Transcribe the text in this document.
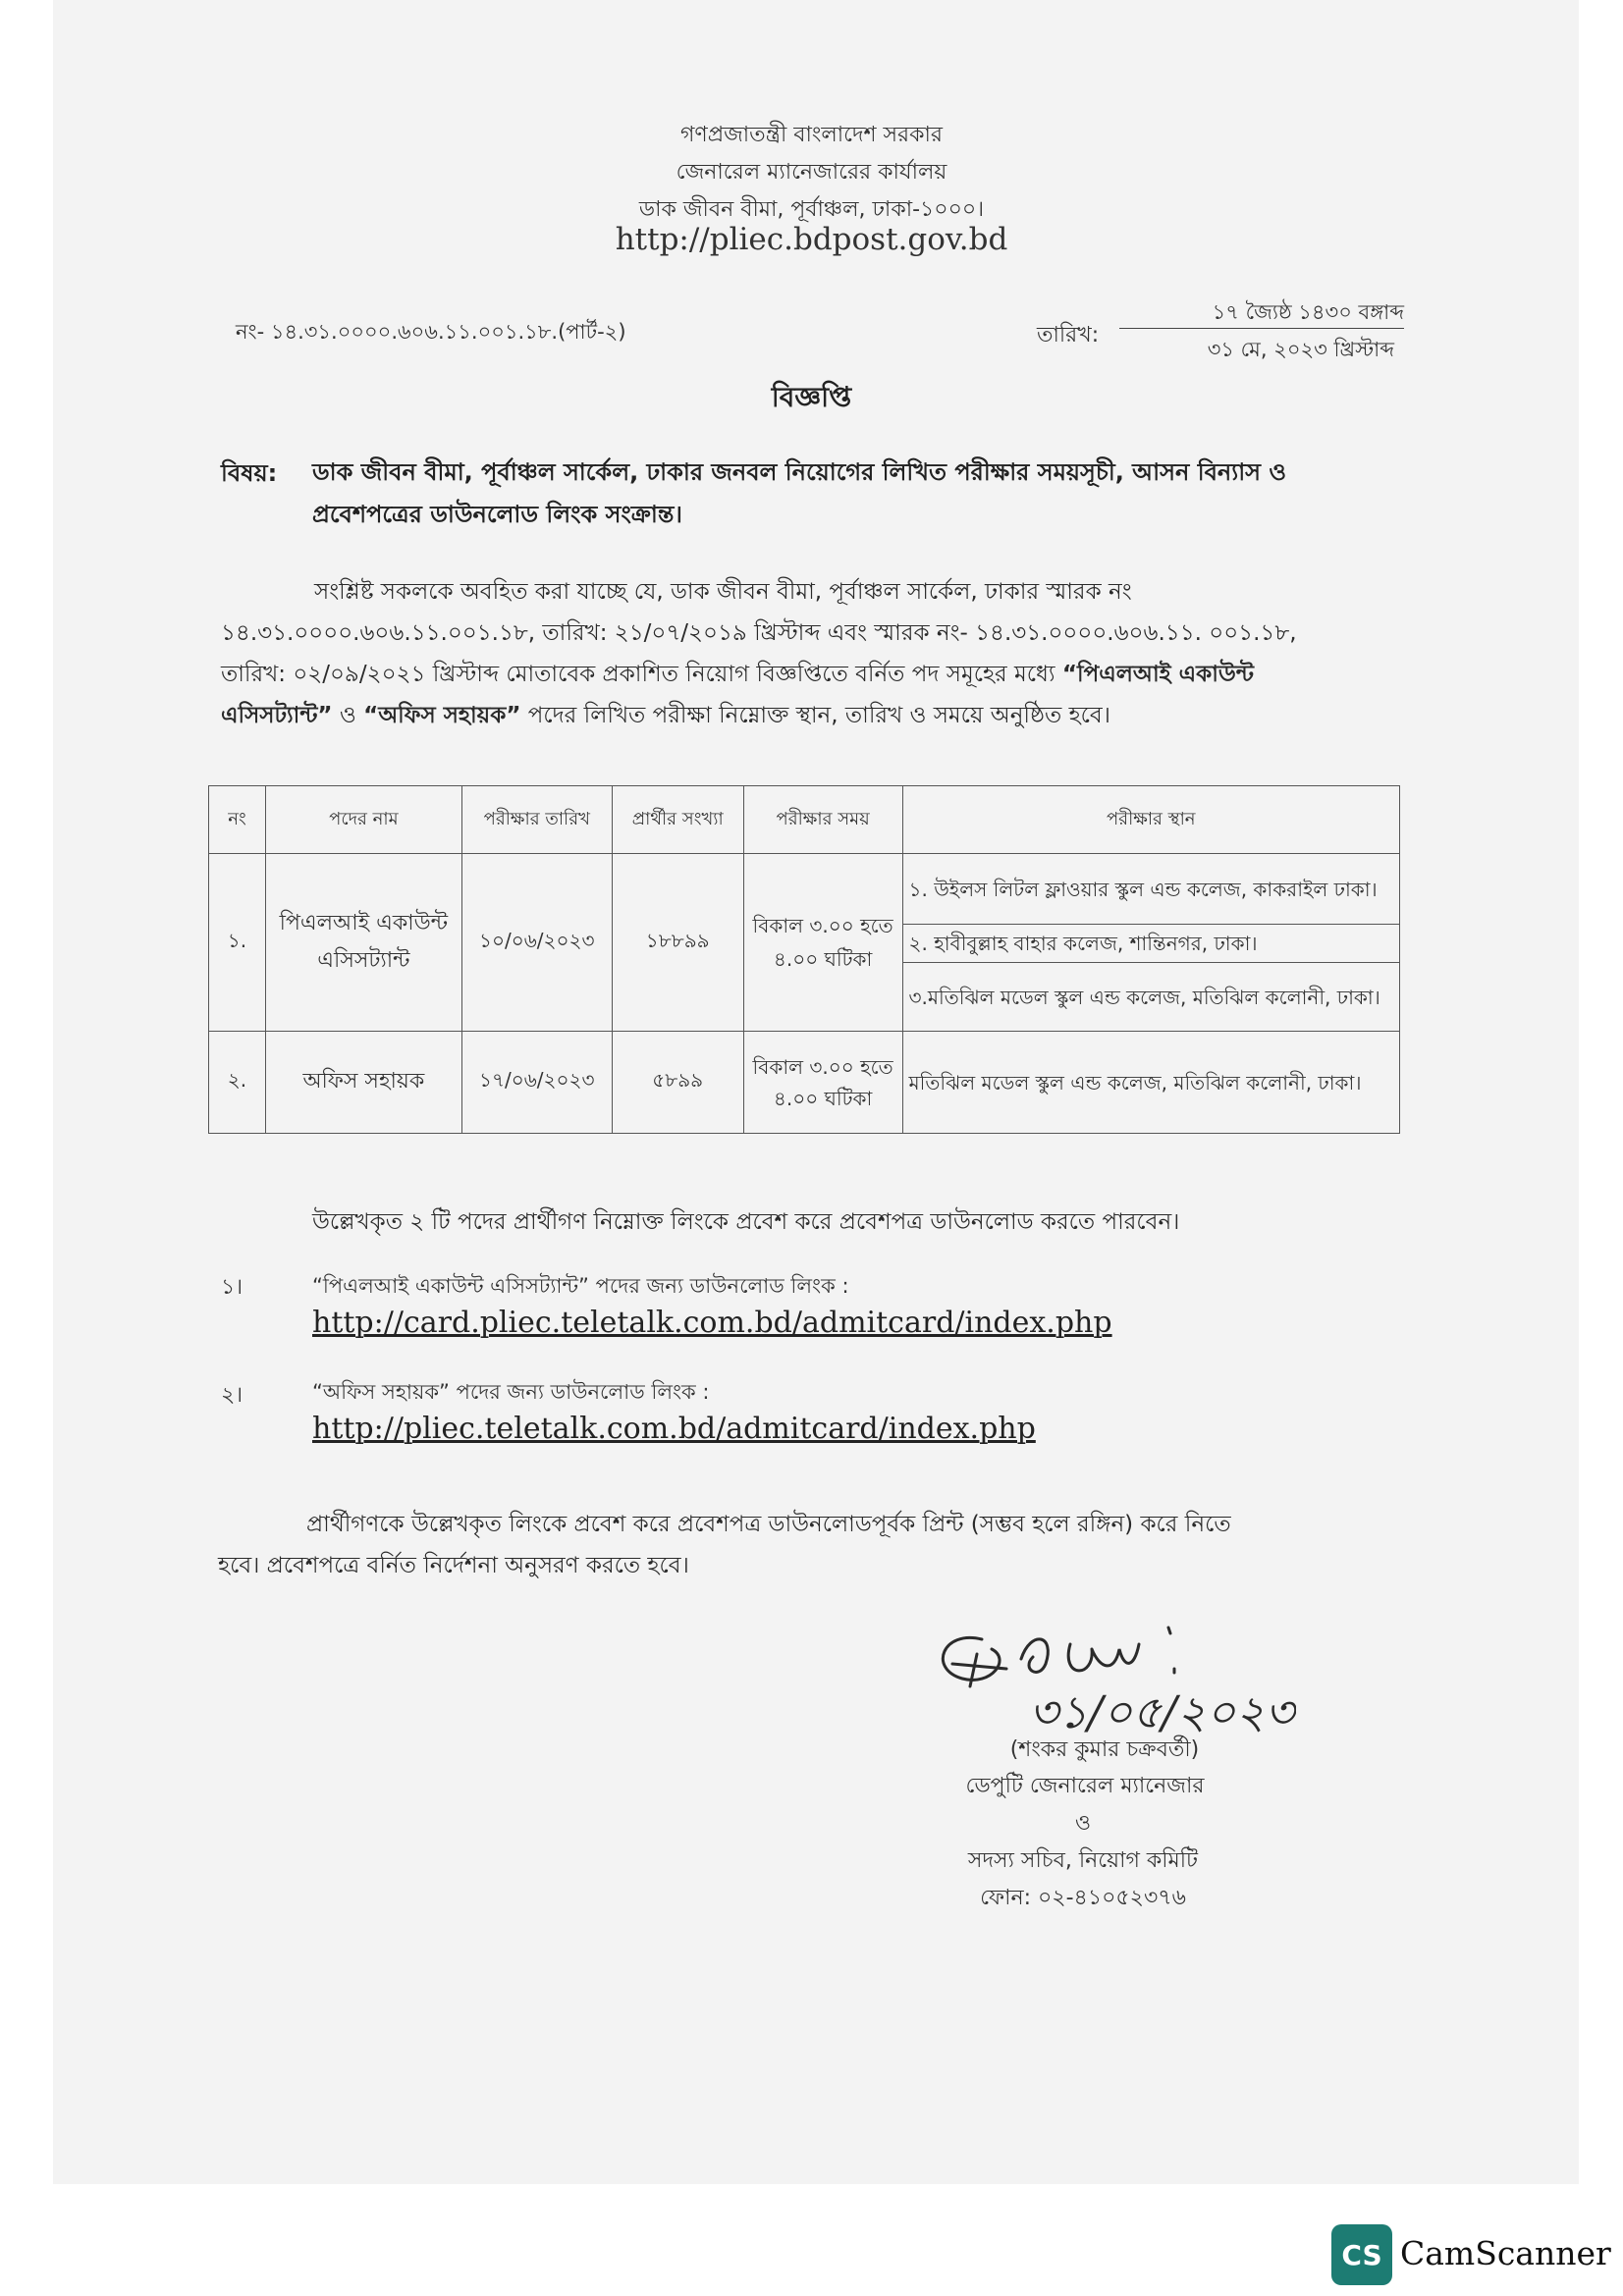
গণপ্রজাতন্ত্রী বাংলাদেশ সরকার
জেনারেল ম্যানেজারের কার্যালয়
ডাক জীবন বীমা, পূর্বাঞ্চল, ঢাকা-১০০০।
http://pliec.bdpost.gov.bd
নং- ১৪.৩১.০০০০.৬০৬.১১.০০১.১৮.(পার্ট-২)	তারিখ:
১৭ জ্যৈষ্ঠ ১৪৩০ বঙ্গাব্দ
৩১ মে, ২০২৩ খ্রিস্টাব্দ
বিজ্ঞপ্তি
বিষয়: ডাক জীবন বীমা, পূর্বাঞ্চল সার্কেল, ঢাকার জনবল নিয়োগের লিখিত পরীক্ষার সময়সূচী, আসন বিন্যাস ও
প্রবেশপত্রের ডাউনলোড লিংক সংক্রান্ত।
সংশ্লিষ্ট সকলকে অবহিত করা যাচ্ছে যে, ডাক জীবন বীমা, পূর্বাঞ্চল সার্কেল, ঢাকার স্মারক নং
১৪.৩১.০০০০.৬০৬.১১.০০১.১৮, তারিখ: ২১/০৭/২০১৯ খ্রিস্টাব্দ এবং স্মারক নং- ১৪.৩১.০০০০.৬০৬.১১. ০০১.১৮,
তারিখ: ০২/০৯/২০২১ খ্রিস্টাব্দ মোতাবেক প্রকাশিত নিয়োগ বিজ্ঞপ্তিতে বর্নিত পদ সমূহের মধ্যে “পিএলআই একাউন্ট
এসিসট্যান্ট” ও “অফিস সহায়ক” পদের লিখিত পরীক্ষা নিম্নোক্ত স্থান, তারিখ ও সময়ে অনুষ্ঠিত হবে।
নং	পদের নাম	পরীক্ষার তারিখ	প্রার্থীর সংখ্যা	পরীক্ষার সময়	পরীক্ষার স্থান
১.	পিএলআই একাউন্ট এসিসট্যান্ট	১০/০৬/২০২৩	১৮৮৯৯	বিকাল ৩.০০ হতে ৪.০০ ঘটিকা	১. উইলস লিটল ফ্লাওয়ার স্কুল এন্ড কলেজ, কাকরাইল ঢাকা।
					২. হাবীবুল্লাহ বাহার কলেজ, শান্তিনগর, ঢাকা।
					৩.মতিঝিল মডেল স্কুল এন্ড কলেজ, মতিঝিল কলোনী, ঢাকা।
২.	অফিস সহায়ক	১৭/০৬/২০২৩	৫৮৯৯	বিকাল ৩.০০ হতে ৪.০০ ঘটিকা	মতিঝিল মডেল স্কুল এন্ড কলেজ, মতিঝিল কলোনী, ঢাকা।
উল্লেখকৃত ২ টি পদের প্রার্থীগণ নিম্নোক্ত লিংকে প্রবেশ করে প্রবেশপত্র ডাউনলোড করতে পারবেন।
১।	“পিএলআই একাউন্ট এসিসট্যান্ট” পদের জন্য ডাউনলোড লিংক :
http://card.pliec.teletalk.com.bd/admitcard/index.php
২।	“অফিস সহায়ক” পদের জন্য ডাউনলোড লিংক :
http://pliec.teletalk.com.bd/admitcard/index.php
প্রার্থীগণকে উল্লেখকৃত লিংকে প্রবেশ করে প্রবেশপত্র ডাউনলোডপূর্বক প্রিন্ট (সম্ভব হলে রঙ্গিন) করে নিতে
হবে। প্রবেশপত্রে বর্নিত নির্দেশনা অনুসরণ করতে হবে।
৩১/০৫/২০২৩
(শংকর কুমার চক্রবর্তী)
ডেপুটি জেনারেল ম্যানেজার
ও
সদস্য সচিব, নিয়োগ কমিটি
ফোন: ০২-৪১০৫২৩৭৬
CS CamScanner
